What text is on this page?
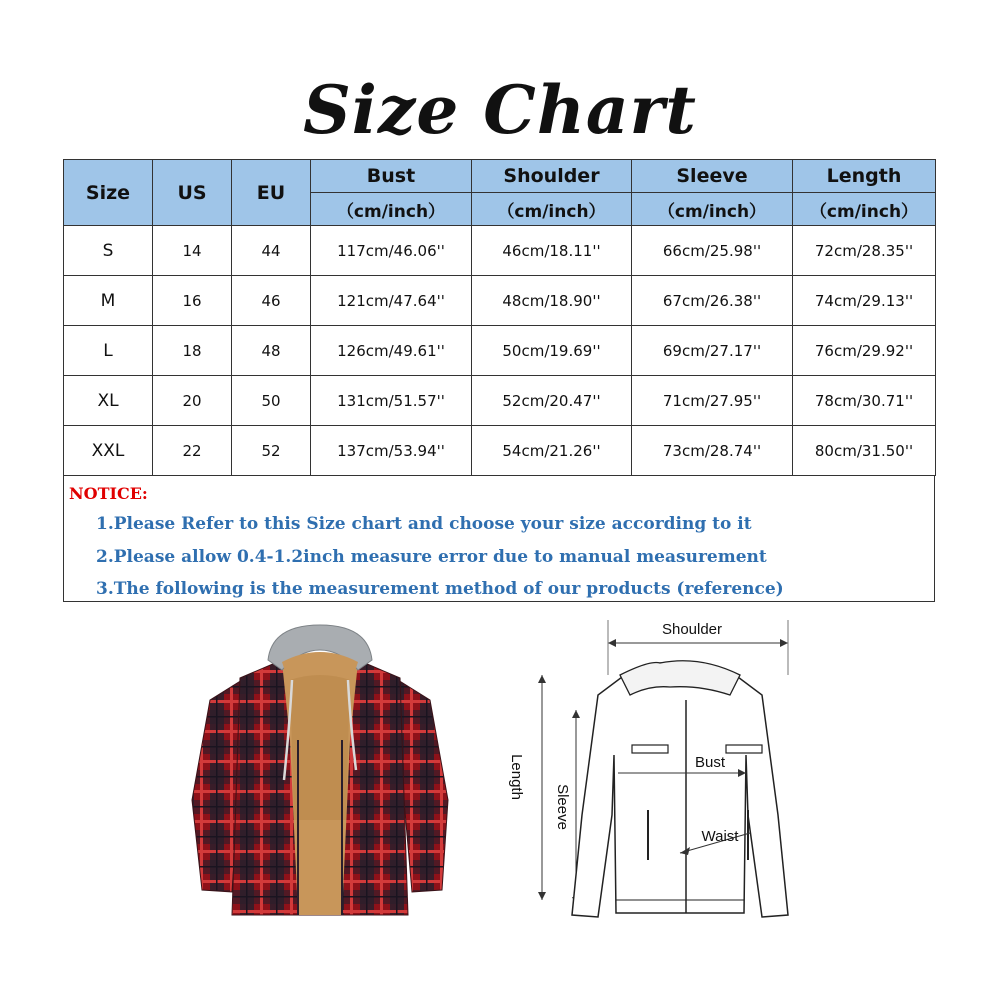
Size Chart
Size	US	EU	Bust	Shoulder	Sleeve	Length
			（cm/inch）	（cm/inch）	（cm/inch）	（cm/inch）
S	14	44	117cm/46.06''	46cm/18.11''	66cm/25.98''	72cm/28.35''
M	16	46	121cm/47.64''	48cm/18.90''	67cm/26.38''	74cm/29.13''
L	18	48	126cm/49.61''	50cm/19.69''	69cm/27.17''	76cm/29.92''
XL	20	50	131cm/51.57''	52cm/20.47''	71cm/27.95''	78cm/30.71''
XXL	22	52	137cm/53.94''	54cm/21.26''	73cm/28.74''	80cm/31.50''
NOTICE:
1.Please Refer to this Size chart and choose your size according to it
2.Please allow 0.4-1.2inch measure error due to manual measurement
3.The following is the measurement method of our products (reference)
Shoulder
Length
Sleeve
Bust
Waist
